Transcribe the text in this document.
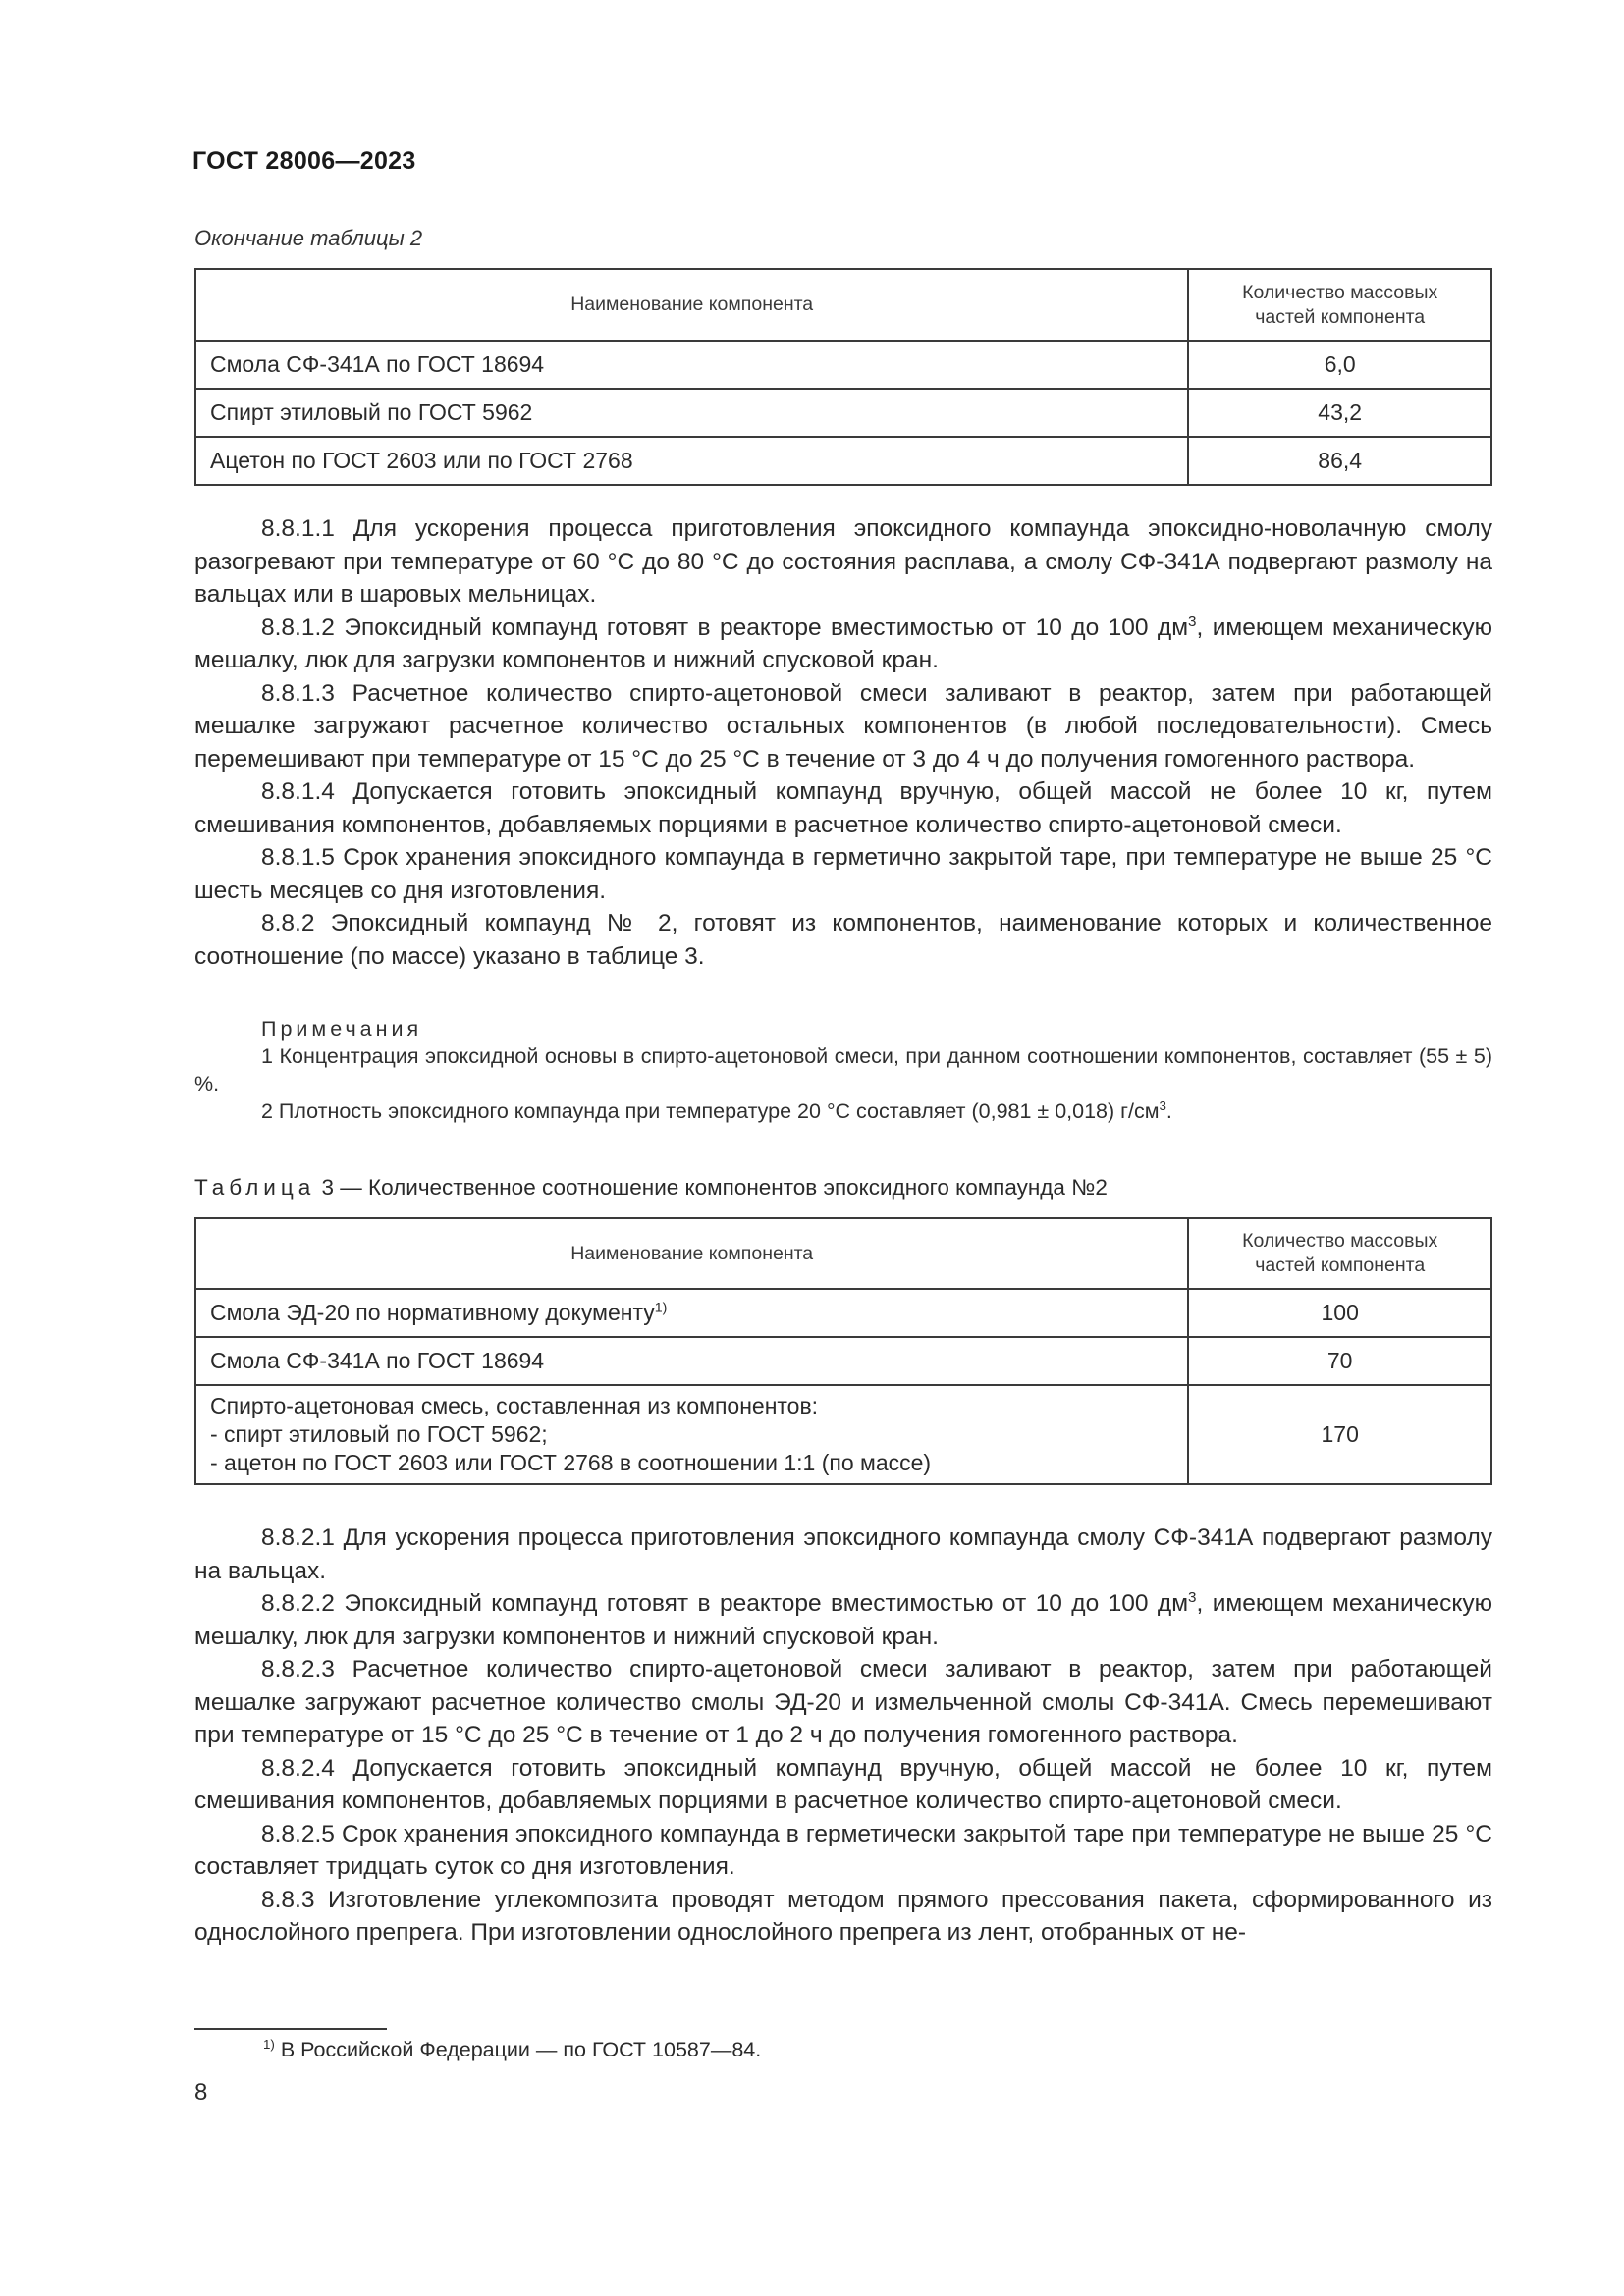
ГОСТ 28006—2023
Окончание таблицы 2
Наименование компонента	Количество массовых
частей компонента

Смола СФ-341А по ГОСТ 18694	6,0
Спирт этиловый по ГОСТ 5962	43,2
Ацетон по ГОСТ 2603 или по ГОСТ 2768	86,4

8.8.1.1 Для ускорения процесса приготовления эпоксидного компаунда эпоксидно-новолачную смолу разогревают при температуре от 60 °С до 80 °С до состояния расплава, а смолу СФ-341А подвергают размолу на вальцах или в шаровых мельницах.

8.8.1.2 Эпоксидный компаунд готовят в реакторе вместимостью от 10 до 100 $дм^3$, имеющем механическую мешалку, люк для загрузки компонентов и нижний спусковой кран.

8.8.1.3 Расчетное количество спирто-ацетоновой смеси заливают в реактор, затем при работающей мешалке загружают расчетное количество остальных компонентов (в любой последовательности). Смесь перемешивают при температуре от 15 °С до 25 °С в течение от 3 до 4 ч до получения гомогенного раствора.

8.8.1.4 Допускается готовить эпоксидный компаунд вручную, общей массой не более 10 кг, путем смешивания компонентов, добавляемых порциями в расчетное количество спирто-ацетоновой смеси.

8.8.1.5 Срок хранения эпоксидного компаунда в герметично закрытой таре, при температуре не выше 25 °С шесть месяцев со дня изготовления.

8.8.2 Эпоксидный компаунд № 2, готовят из компонентов, наименование которых и количественное соотношение (по массе) указано в таблице 3.

Примечания

1 Концентрация эпоксидной основы в спирто-ацетоновой смеси, при данном соотношении компонентов, составляет (55 ± 5) %.

2 Плотность эпоксидного компаунда при температуре 20 °С составляет (0,981 ± 0,018) $г/см^3$.

Таблица 3 — Количественное соотношение компонентов эпоксидного компаунда №2
Наименование компонента	Количество массовых
частей компонента

Смола ЭД-20 по нормативному документу$^{1)}$	100
Смола СФ-341А по ГОСТ 18694	70

Спирто-ацетоновая смесь, составленная из компонентов:
- спирт этиловый по ГОСТ 5962;
- ацетон по ГОСТ 2603 или ГОСТ 2768 в соотношении 1:1 (по массе)	170

8.8.2.1 Для ускорения процесса приготовления эпоксидного компаунда смолу СФ-341А подвергают размолу на вальцах.

8.8.2.2 Эпоксидный компаунд готовят в реакторе вместимостью от 10 до 100 $дм^3$, имеющем механическую мешалку, люк для загрузки компонентов и нижний спусковой кран.

8.8.2.3 Расчетное количество спирто-ацетоновой смеси заливают в реактор, затем при работающей мешалке загружают расчетное количество смолы ЭД-20 и измельченной смолы СФ-341А. Смесь перемешивают при температуре от 15 °С до 25 °С в течение от 1 до 2 ч до получения гомогенного раствора.

8.8.2.4 Допускается готовить эпоксидный компаунд вручную, общей массой не более 10 кг, путем смешивания компонентов, добавляемых порциями в расчетное количество спирто-ацетоновой смеси.

8.8.2.5 Срок хранения эпоксидного компаунда в герметически закрытой таре при температуре не выше 25 °С составляет тридцать суток со дня изготовления.

8.8.3 Изготовление углекомпозита проводят методом прямого прессования пакета, сформированного из однослойного препрега. При изготовлении однослойного препрега из лент, отобранных от не-

$^{1)}$ В Российской Федерации — по ГОСТ 10587—84.
8
